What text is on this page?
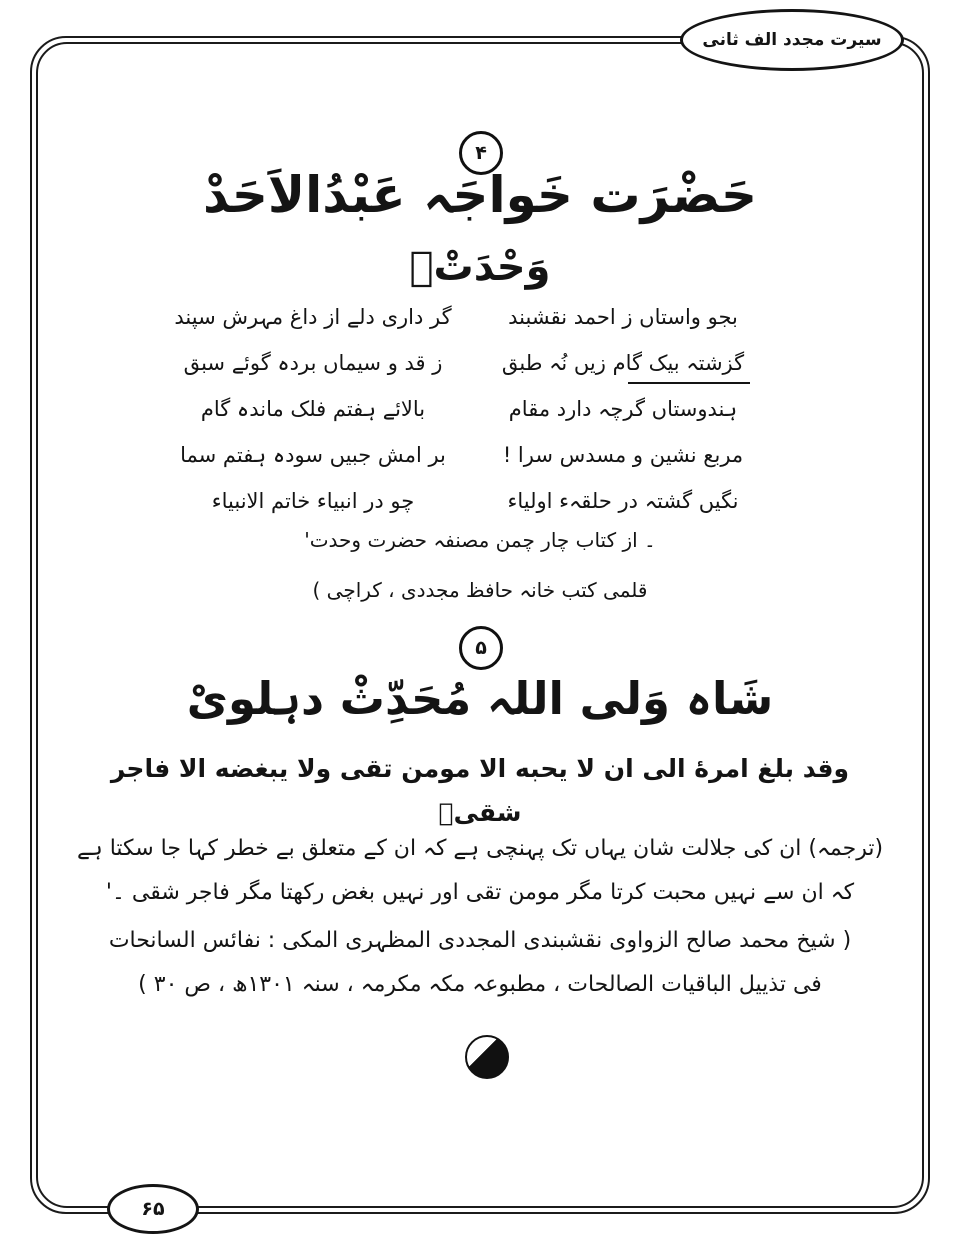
سیرت مجدد الف ثانی
۴
حَضْرَت خَواجَہ عَبْدُالاَحَدْ
وَحْدَتْؒ
بجو واستاں ز احمد نقشبند
گر داری دلے از داغ مہرش سپند
گزشتہ بیک گام زیں نُہ طبق
ز قد و سیماں بردہ گوئے سبق
ہندوستاں گرچہ دارد مقام
بالائے ہفتم فلک ماندہ گام
مربع نشین و مسدس سرا !
بر امش جبیں سودہ ہفتم سما
نگیں گشتہ در حلقہء اولیاء
چو در انبیاء خاتم الانبیاء
۔ از کتاب چار چمن مصنفہ حضرت وحدت'
قلمی کتب خانہ حافظ مجددی ، کراچی )
۵
شَاہ وَلی اللہ مُحَدِّثْ دہلویْ
وقد بلغ امرهٔ الی ان لا یحبه الا مومن تقی ولا یبغضه الا فاجر
شقیؒ
(ترجمہ) ان کی جلالت شان یہاں تک پہنچی ہے کہ ان کے متعلق بے خطر کہا جا سکتا ہے
کہ ان سے نہیں محبت کرتا مگر مومن تقی اور نہیں بغض رکھتا مگر فاجر شقی ۔'
( شیخ محمد صالح الزواوی نقشبندی المجددی المظہری المکی : نفائس السانحات
فی تذییل الباقیات الصالحات ، مطبوعہ مکہ مکرمہ ، سنہ ۱۳۰۱ھ ، ص ۳۰ )
۶۵
